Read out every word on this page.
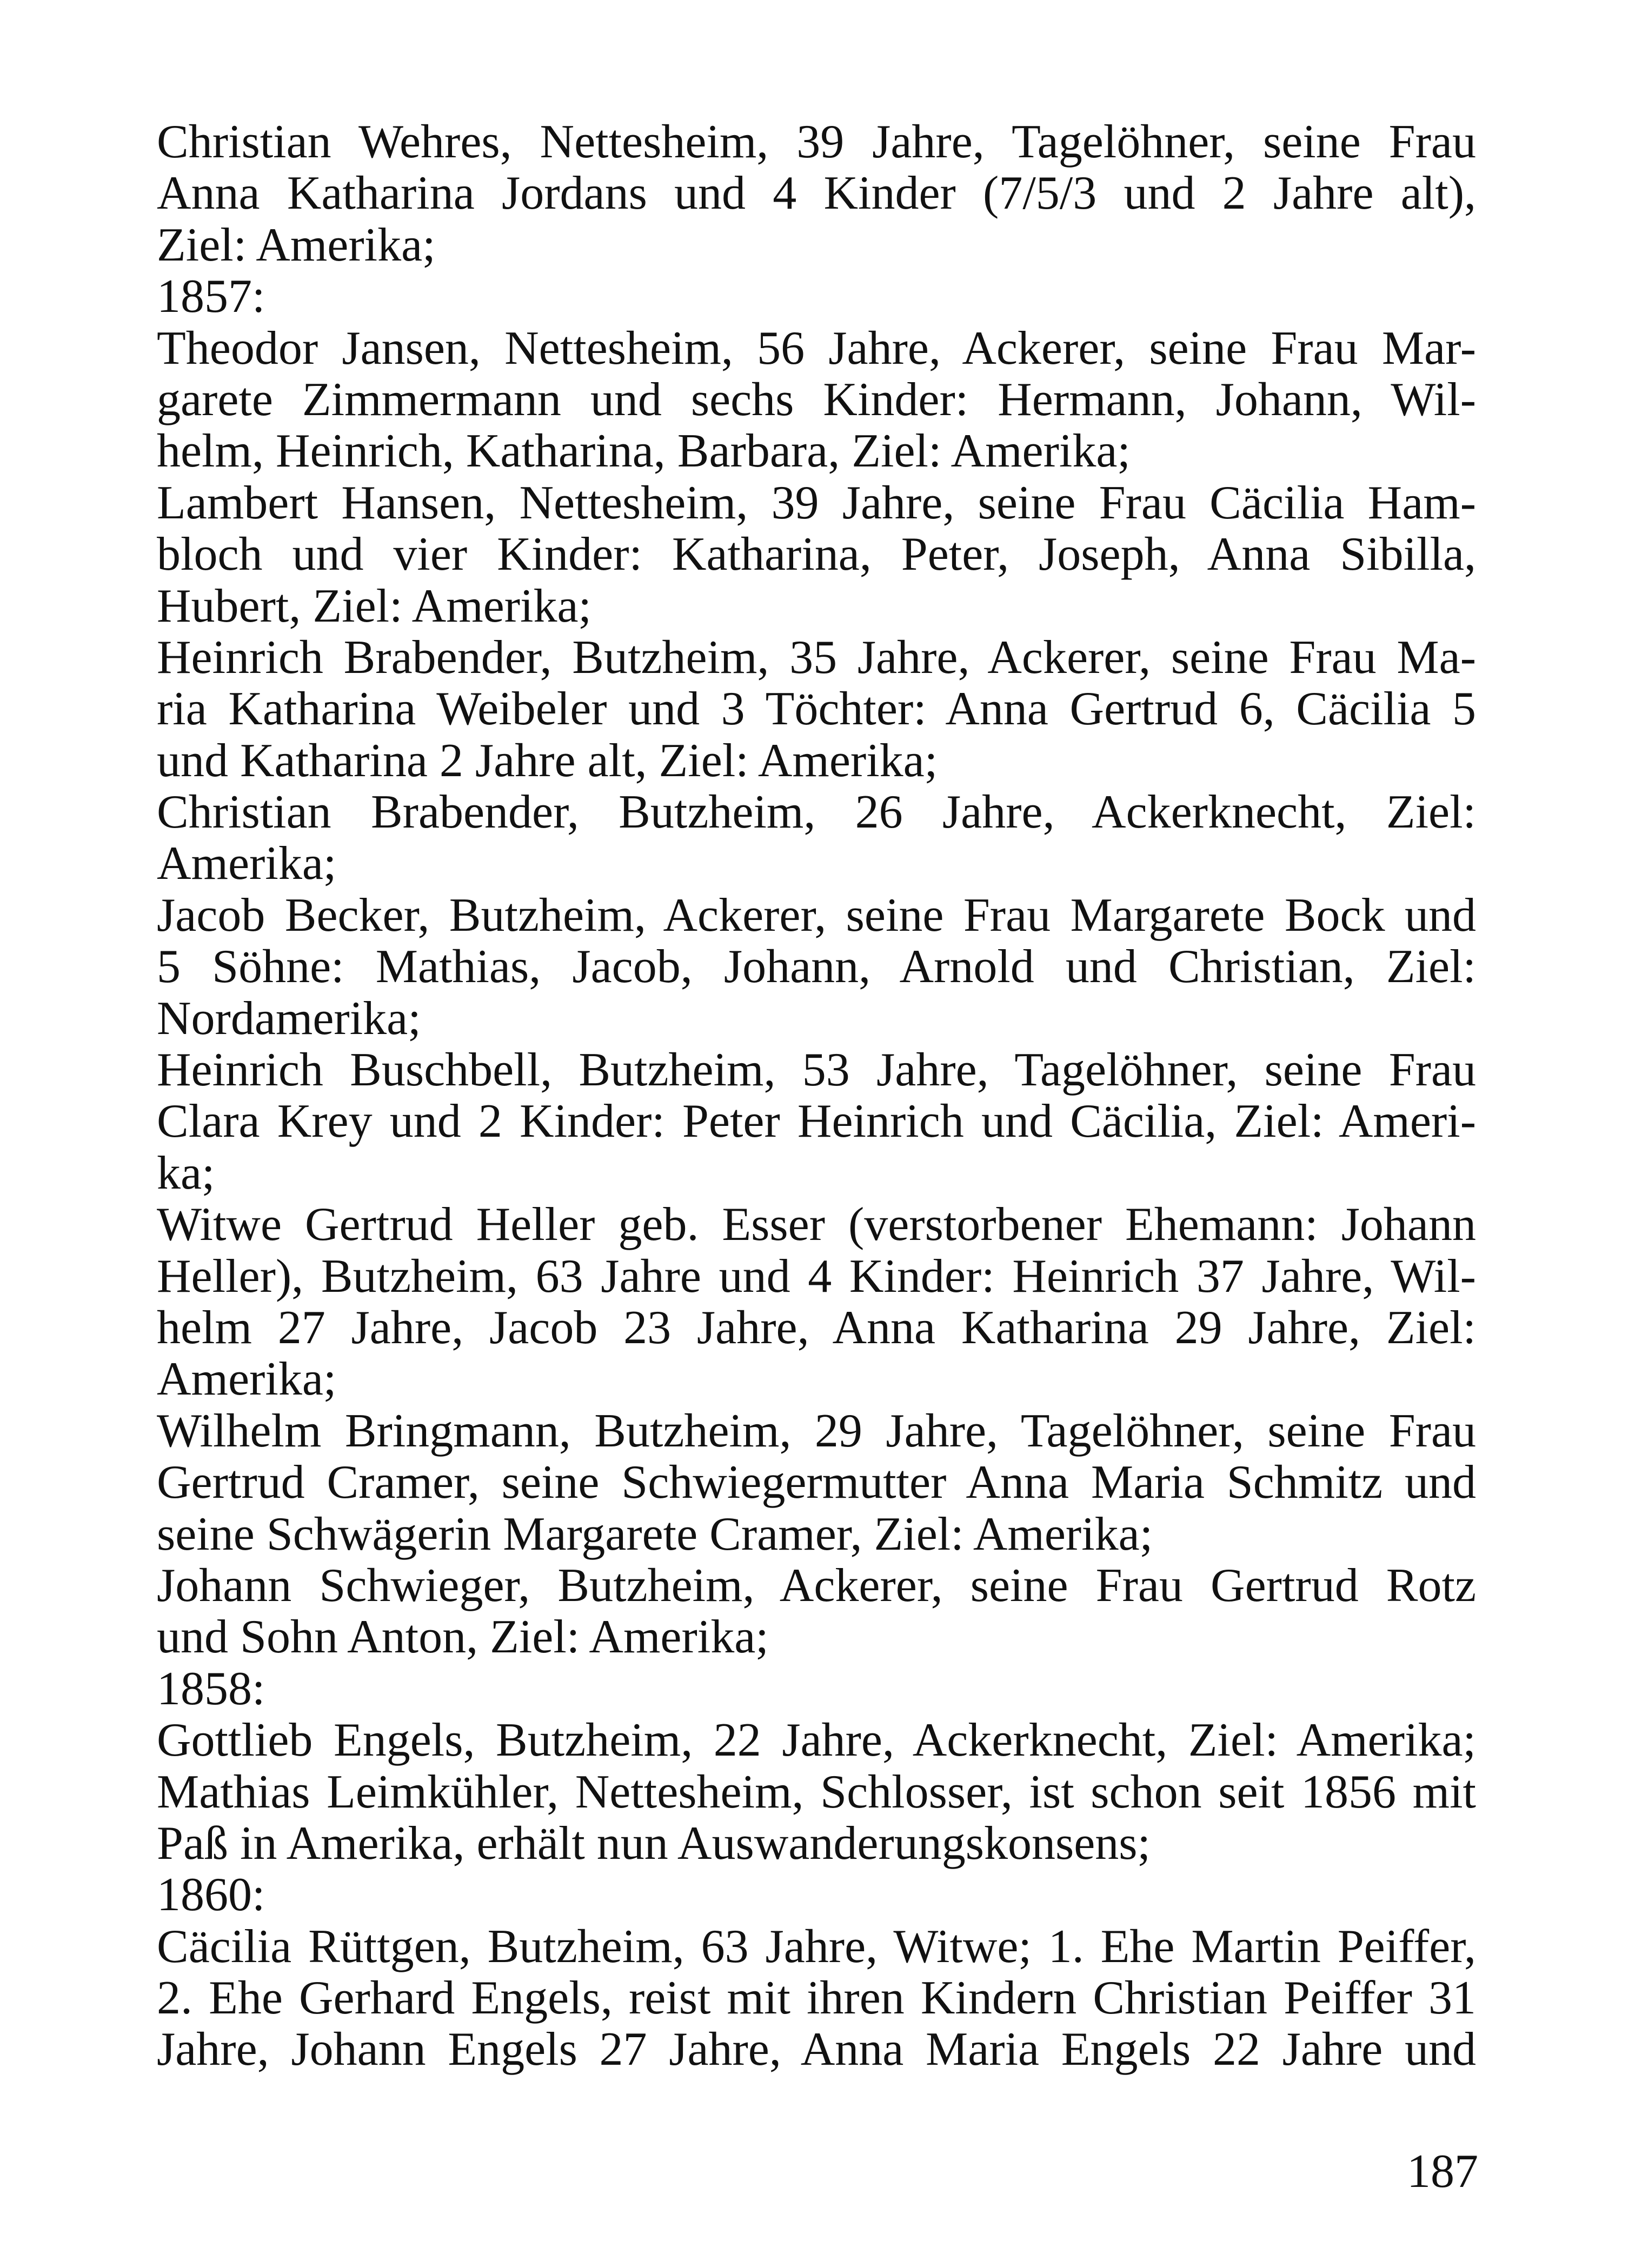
Christian Wehres, Nettesheim, 39 Jahre, Tagelöhner, seine Frau
Anna Katharina Jordans und 4 Kinder (7/5/3 und 2 Jahre alt),
Ziel: Amerika;
1857:
Theodor Jansen, Nettesheim, 56 Jahre, Ackerer, seine Frau Mar-
garete Zimmermann und sechs Kinder: Hermann, Johann, Wil-
helm, Heinrich, Katharina, Barbara, Ziel: Amerika;
Lambert Hansen, Nettesheim, 39 Jahre, seine Frau Cäcilia Ham-
bloch und vier Kinder: Katharina, Peter, Joseph, Anna Sibilla,
Hubert, Ziel: Amerika;
Heinrich Brabender, Butzheim, 35 Jahre, Ackerer, seine Frau Ma-
ria Katharina Weibeler und 3 Töchter: Anna Gertrud 6, Cäcilia 5
und Katharina 2 Jahre alt, Ziel: Amerika;
Christian Brabender, Butzheim, 26 Jahre, Ackerknecht, Ziel:
Amerika;
Jacob Becker, Butzheim, Ackerer, seine Frau Margarete Bock und
5 Söhne: Mathias, Jacob, Johann, Arnold und Christian, Ziel:
Nordamerika;
Heinrich Buschbell, Butzheim, 53 Jahre, Tagelöhner, seine Frau
Clara Krey und 2 Kinder: Peter Heinrich und Cäcilia, Ziel: Ameri-
ka;
Witwe Gertrud Heller geb. Esser (verstorbener Ehemann: Johann
Heller), Butzheim, 63 Jahre und 4 Kinder: Heinrich 37 Jahre, Wil-
helm 27 Jahre, Jacob 23 Jahre, Anna Katharina 29 Jahre, Ziel:
Amerika;
Wilhelm Bringmann, Butzheim, 29 Jahre, Tagelöhner, seine Frau
Gertrud Cramer, seine Schwiegermutter Anna Maria Schmitz und
seine Schwägerin Margarete Cramer, Ziel: Amerika;
Johann Schwieger, Butzheim, Ackerer, seine Frau Gertrud Rotz
und Sohn Anton, Ziel: Amerika;
1858:
Gottlieb Engels, Butzheim, 22 Jahre, Ackerknecht, Ziel: Amerika;
Mathias Leimkühler, Nettesheim, Schlosser, ist schon seit 1856 mit
Paß in Amerika, erhält nun Auswanderungskonsens;
1860:
Cäcilia Rüttgen, Butzheim, 63 Jahre, Witwe; 1. Ehe Martin Peiffer,
2. Ehe Gerhard Engels, reist mit ihren Kindern Christian Peiffer 31
Jahre, Johann Engels 27 Jahre, Anna Maria Engels 22 Jahre und
187
